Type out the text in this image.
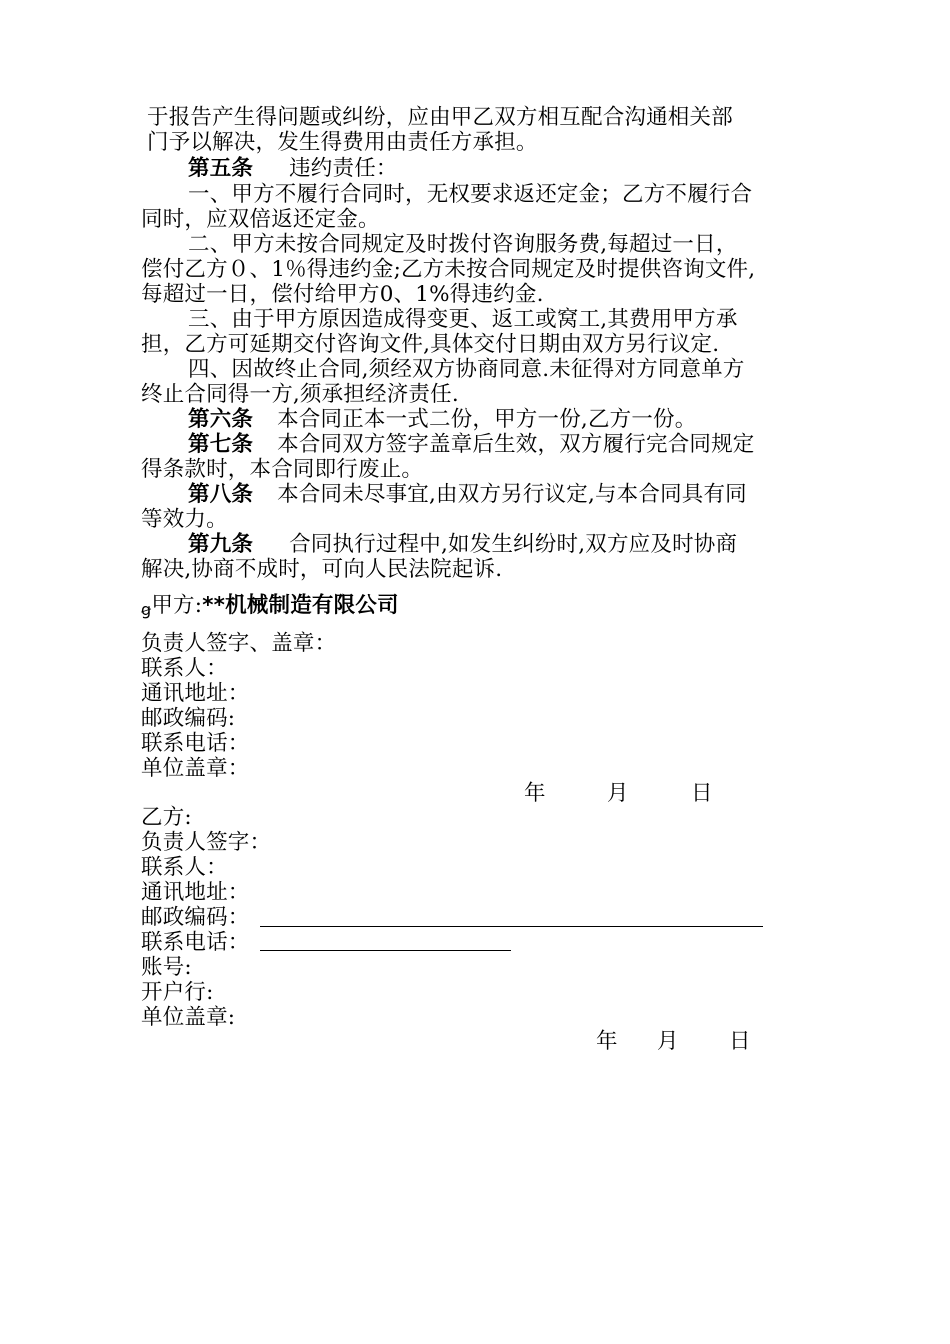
于报告产生得问题或纠纷，应由甲乙双方相互配合沟通相关部
门予以解决，发生得费用由责任方承担。
第五条 违约责任：
一、甲方不履行合同时，无权要求返还定金；乙方不履行合
同时，应双倍返还定金。
二、甲方未按合同规定及时拨付咨询服务费,每超过一日，
偿付乙方０、1％得违约金;乙方未按合同规定及时提供咨询文件,
每超过一日，偿付给甲方0、1%得违约金.
三、由于甲方原因造成得变更、返工或窝工,其费用甲方承
担，乙方可延期交付咨询文件,具体交付日期由双方另行议定.
四、因故终止合同,须经双方协商同意.未征得对方同意单方
终止合同得一方,须承担经济责任.
第六条 本合同正本一式二份，甲方一份,乙方一份。
第七条 本合同双方签字盖章后生效，双方履行完合同规定
得条款时，本合同即行废止。
第八条 本合同未尽事宜,由双方另行议定,与本合同具有同
等效力。
第九条 合同执行过程中,如发生纠纷时,双方应及时协商
解决,协商不成时，可向人民法院起诉.
ꞡ甲方:**机械制造有限公司
负责人签字、盖章：
联系人：
通讯地址：
邮政编码:
联系电话：
单位盖章：
年	月	日
乙方:
负责人签字：
联系人：
通讯地址：
邮政编码：
联系电话：
账号:
开户行:
单位盖章:
年 月 日
